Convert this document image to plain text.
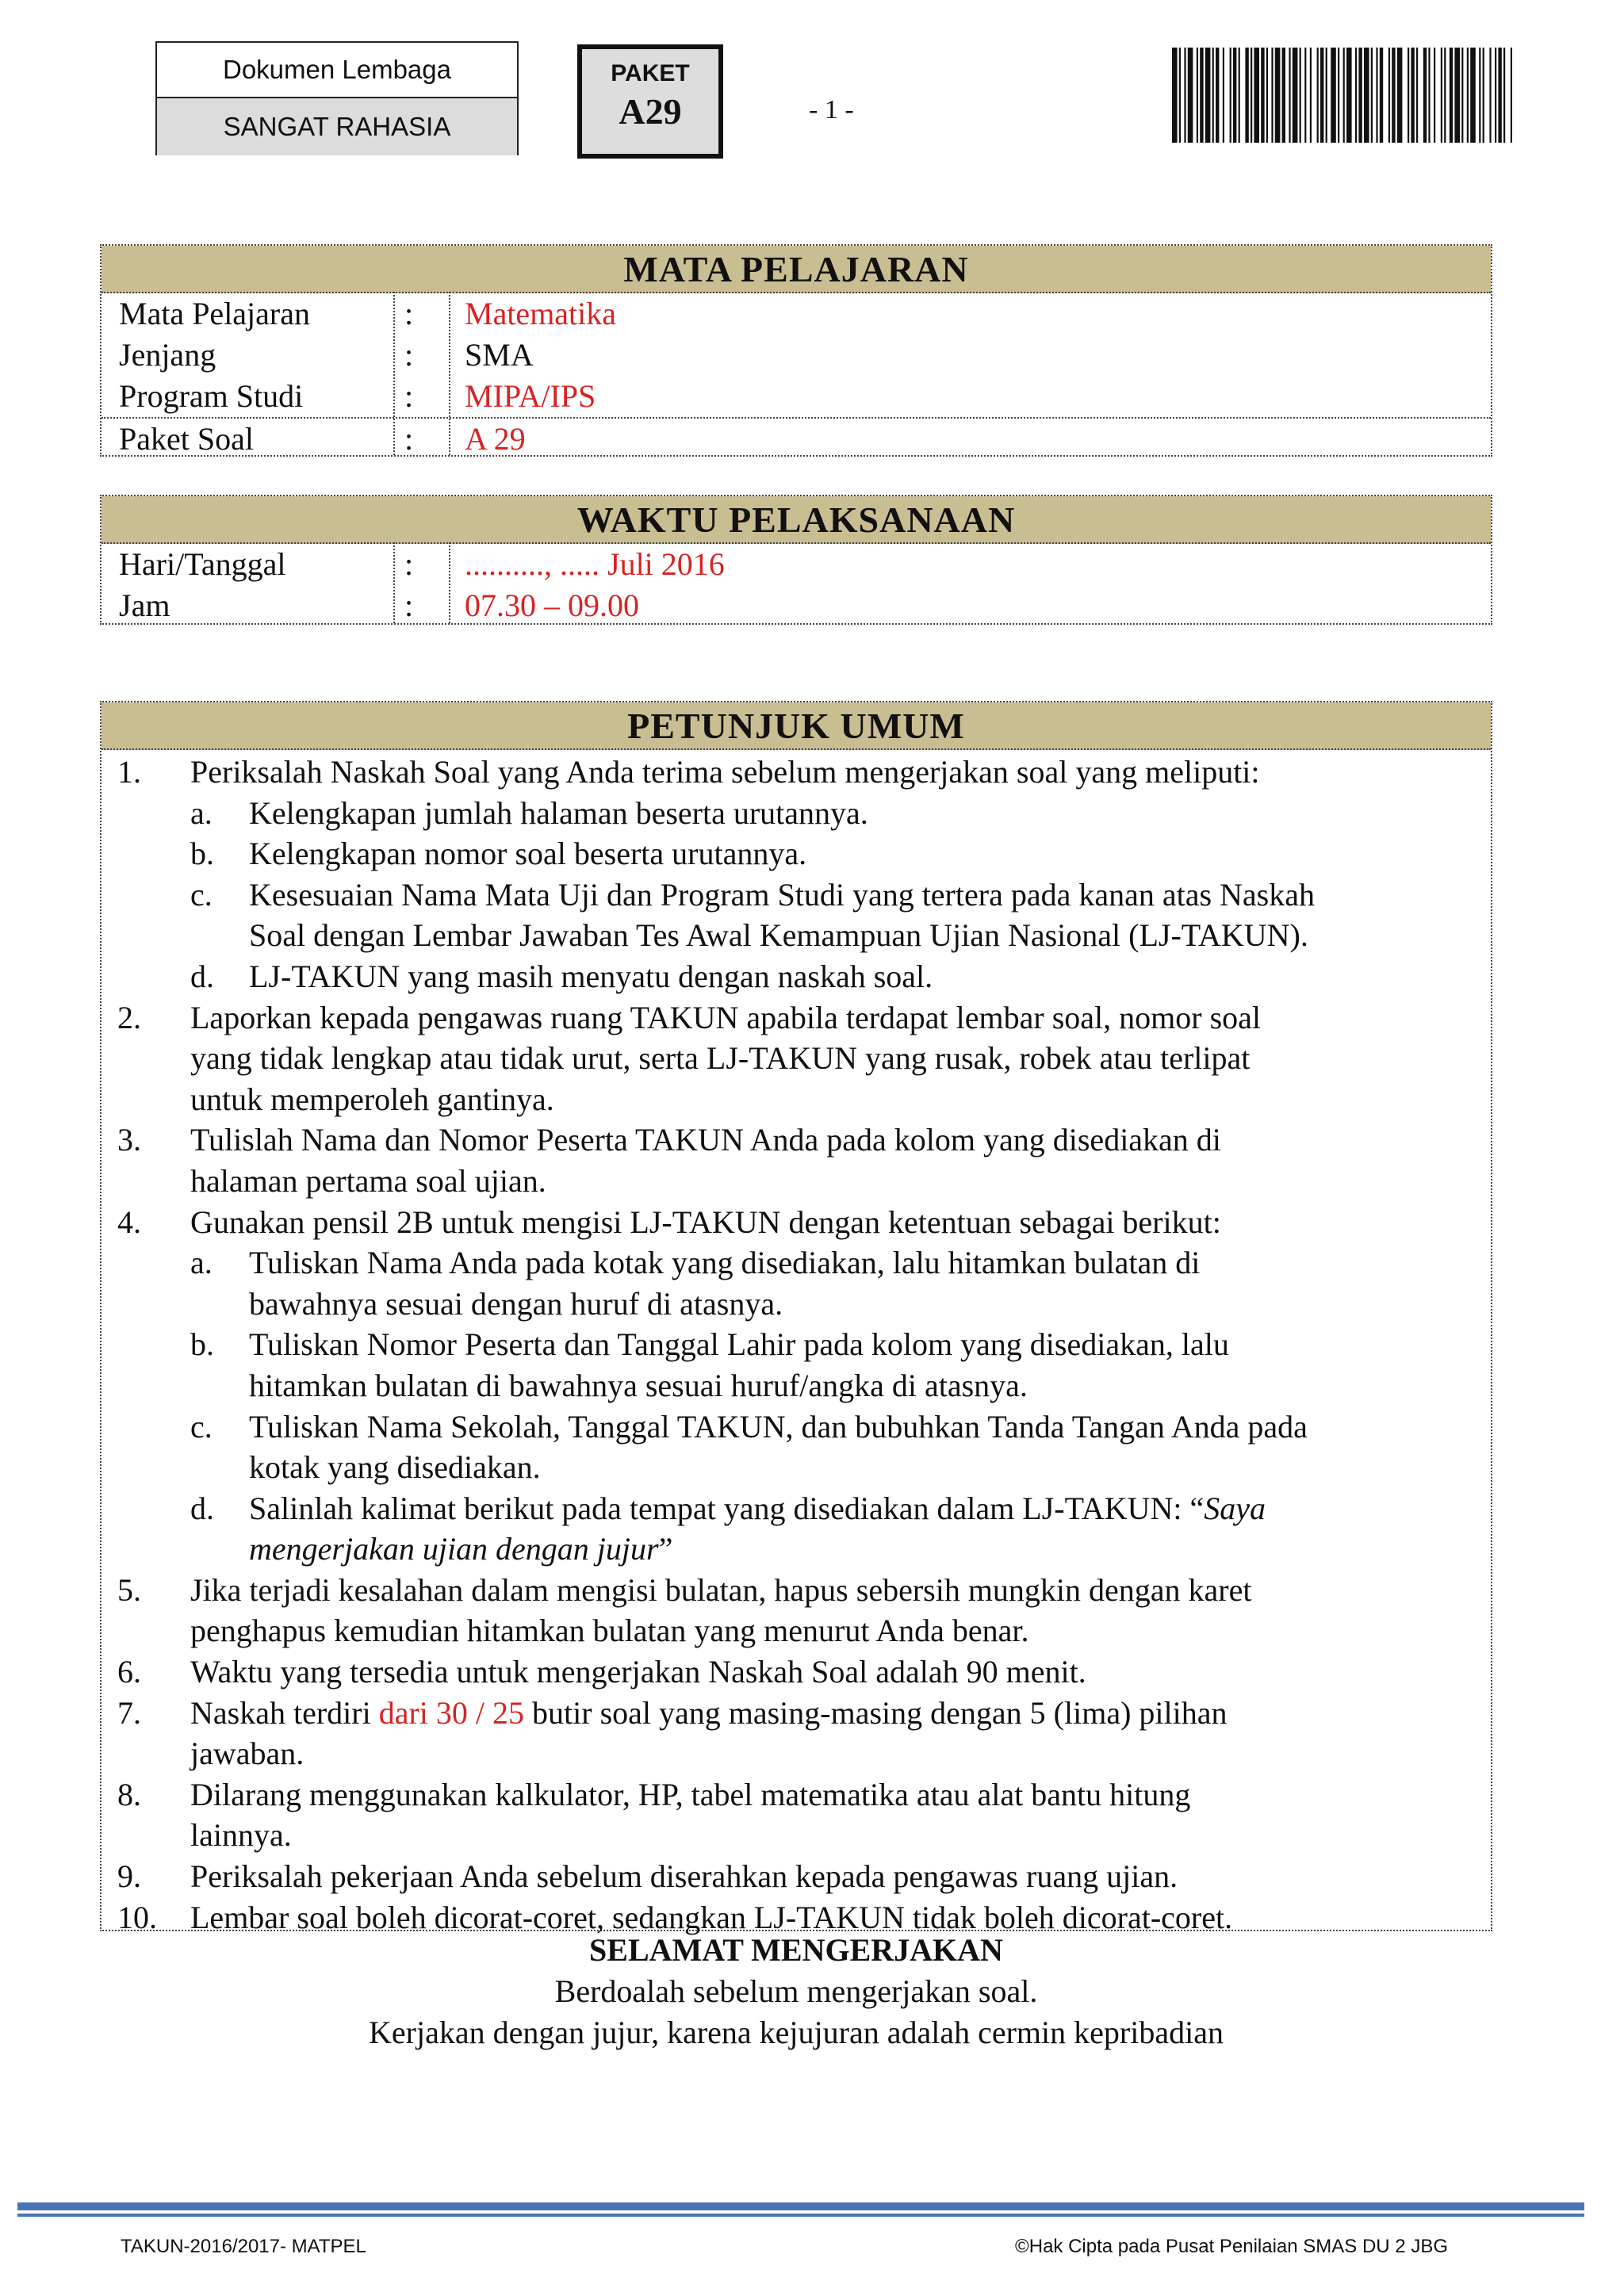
Dokumen Lembaga
SANGAT RAHASIA
PAKET
A29	- 1 -
MATA PELAJARAN
Mata Pelajaran	: Matematika
Jenjang	: SMA
Program Studi	: MIPA/IPS
Paket Soal	: A 29
WAKTU PELAKSANAAN
Hari/Tanggal	: .........., ..... Juli 2016
Jam	: 07.30 – 09.00
PETUNJUK UMUM
1. Periksalah Naskah Soal yang Anda terima sebelum mengerjakan soal yang meliputi:
a. Kelengkapan jumlah halaman beserta urutannya.
b. Kelengkapan nomor soal beserta urutannya.
c. Kesesuaian Nama Mata Uji dan Program Studi yang tertera pada kanan atas Naskah
Soal dengan Lembar Jawaban Tes Awal Kemampuan Ujian Nasional (LJ-TAKUN).
d. LJ-TAKUN yang masih menyatu dengan naskah soal.
2. Laporkan kepada pengawas ruang TAKUN apabila terdapat lembar soal, nomor soal
yang tidak lengkap atau tidak urut, serta LJ-TAKUN yang rusak, robek atau terlipat
untuk memperoleh gantinya.
3. Tulislah Nama dan Nomor Peserta TAKUN Anda pada kolom yang disediakan di
halaman pertama soal ujian.
4. Gunakan pensil 2B untuk mengisi LJ-TAKUN dengan ketentuan sebagai berikut:
a. Tuliskan Nama Anda pada kotak yang disediakan, lalu hitamkan bulatan di
bawahnya sesuai dengan huruf di atasnya.
b. Tuliskan Nomor Peserta dan Tanggal Lahir pada kolom yang disediakan, lalu
hitamkan bulatan di bawahnya sesuai huruf/angka di atasnya.
c. Tuliskan Nama Sekolah, Tanggal TAKUN, dan bubuhkan Tanda Tangan Anda pada
kotak yang disediakan.
d. Salinlah kalimat berikut pada tempat yang disediakan dalam LJ-TAKUN: “Saya
mengerjakan ujian dengan jujur”
5. Jika terjadi kesalahan dalam mengisi bulatan, hapus sebersih mungkin dengan karet
penghapus kemudian hitamkan bulatan yang menurut Anda benar.
6. Waktu yang tersedia untuk mengerjakan Naskah Soal adalah 90 menit.
7. Naskah terdiri dari 30 / 25 butir soal yang masing-masing dengan 5 (lima) pilihan
jawaban.
8. Dilarang menggunakan kalkulator, HP, tabel matematika atau alat bantu hitung
lainnya.
9. Periksalah pekerjaan Anda sebelum diserahkan kepada pengawas ruang ujian.
10. Lembar soal boleh dicorat-coret, sedangkan LJ-TAKUN tidak boleh dicorat-coret.
SELAMAT MENGERJAKAN
Berdoalah sebelum mengerjakan soal.
Kerjakan dengan jujur, karena kejujuran adalah cermin kepribadian
TAKUN-2016/2017- MATPEL	©Hak Cipta pada Pusat Penilaian SMAS DU 2 JBG
